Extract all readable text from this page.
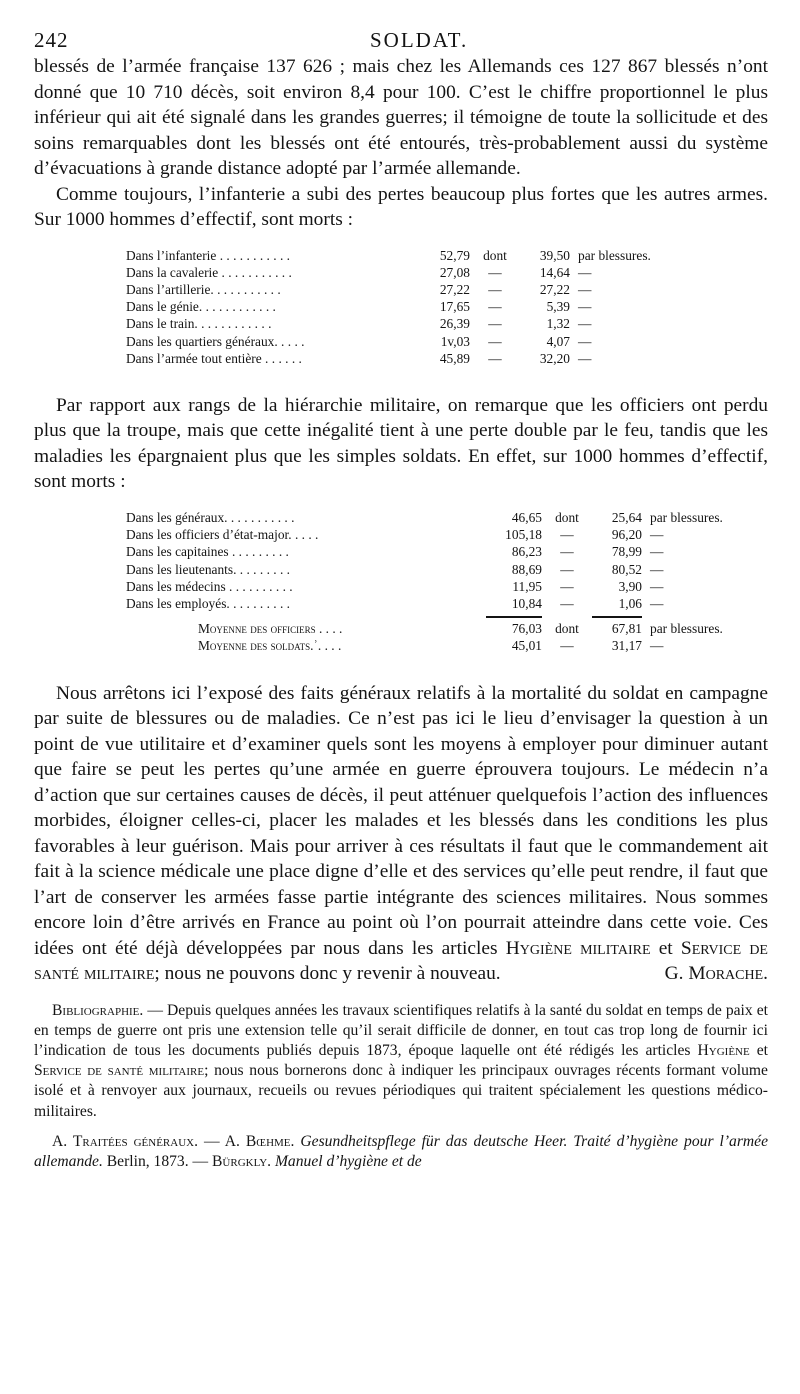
242	SOLDAT.

blessés de l’armée française 137 626 ; mais chez les Allemands ces 127 867 blessés n’ont donné que 10 710 décès, soit environ 8,4 pour 100. C’est le chiffre proportionnel le plus inférieur qui ait été signalé dans les grandes guerres; il témoigne de toute la sollicitude et des soins remarquables dont les blessés ont été entourés, très-probablement aussi du système d’évacuations à grande distance adopté par l’armée allemande.

Comme toujours, l’infanterie a subi des pertes beaucoup plus fortes que les autres armes. Sur 1000 hommes d’effectif, sont morts :

Dans l’infanterie . . . . . . . . . . .	52,79	dont	39,50	par blessures.
Dans la cavalerie . . . . . . . . . . .	27,08	—	14,64	—
Dans l’artillerie. . . . . . . . . . .	27,22	—	27,22	—
Dans le génie. . . . . . . . . . . .	17,65	—	5,39	—
Dans le train. . . . . . . . . . . .	26,39	—	1,32	—
Dans les quartiers généraux. . . . .	1v,03	—	4,07	—
Dans l’armée tout entière . . . . . .	45,89	—	32,20	—

Par rapport aux rangs de la hiérarchie militaire, on remarque que les officiers ont perdu plus que la troupe, mais que cette inégalité tient à une perte double par le feu, tandis que les maladies les épargnaient plus que les simples soldats. En effet, sur 1000 hommes d’effectif, sont morts :

Dans les généraux. . . . . . . . . . .	46,65	dont	25,64	par blessures.
Dans les officiers d’état-major. . . . .	105,18	—	96,20	—
Dans les capitaines . . . . . . . . .	86,23	—	78,99	—
Dans les lieutenants. . . . . . . . .	88,69	—	80,52	—
Dans les médecins . . . . . . . . . .	11,95	—	3,90	—
Dans les employés. . . . . . . . . .	10,84	—	1,06	—

Moyenne des officiers . . . .	76,03	dont	67,81	par blessures.
Moyenne des soldats.ʾ. . . .	45,01	—	31,17	—

Nous arrêtons ici l’exposé des faits généraux relatifs à la mortalité du soldat en campagne par suite de blessures ou de maladies. Ce n’est pas ici le lieu d’envisager la question à un point de vue utilitaire et d’examiner quels sont les moyens à employer pour diminuer autant que faire se peut les pertes qu’une armée en guerre éprouvera toujours. Le médecin n’a d’action que sur certaines causes de décès, il peut atténuer quelquefois l’action des influences morbides, éloigner celles-ci, placer les malades et les blessés dans les conditions les plus favorables à leur guérison. Mais pour arriver à ces résultats il faut que le commandement ait fait à la science médicale une place digne d’elle et des services qu’elle peut rendre, il faut que l’art de conserver les armées fasse partie intégrante des sciences militaires. Nous sommes encore loin d’être arrivés en France au point où l’on pourrait atteindre dans cette voie. Ces idées ont été déjà développées par nous dans les articles Hygiène militaire et Service de santé militaire; nous ne pouvons donc y revenir à nouveau.	G. Morache.

Bibliographie. — Depuis quelques années les travaux scientifiques relatifs à la santé du soldat en temps de paix et en temps de guerre ont pris une extension telle qu’il serait difficile de donner, en tout cas trop long de fournir ici l’indication de tous les documents publiés depuis 1873, époque laquelle ont été rédigés les articles Hygiène et Service de santé militaire; nous nous bornerons donc à indiquer les principaux ouvrages récents formant volume isolé et à renvoyer aux journaux, recueils ou revues périodiques qui traitent spécialement les questions médico-militaires.

A. Traitées généraux. — A. Bœhme. Gesundheitspflege für das deutsche Heer. Traité d’hygiène pour l’armée allemande. Berlin, 1873. — Bürgkly. Manuel d’hygiène et de
